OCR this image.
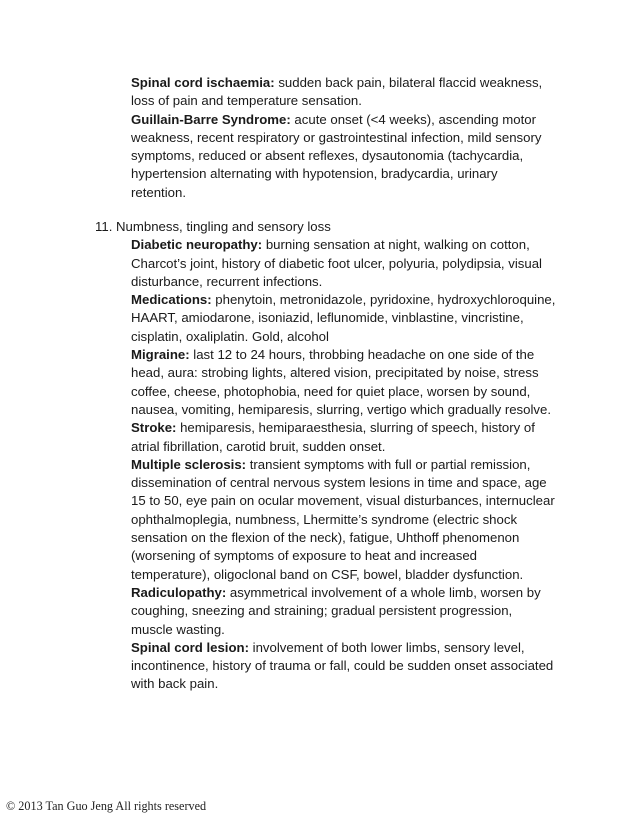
Spinal cord ischaemia: sudden back pain, bilateral flaccid weakness, loss of pain and temperature sensation.

Guillain-Barre Syndrome: acute onset (<4 weeks), ascending motor weakness, recent respiratory or gastrointestinal infection, mild sensory symptoms, reduced or absent reflexes, dysautonomia (tachycardia, hypertension alternating with hypotension, bradycardia, urinary retention.

11. Numbness, tingling and sensory loss

Diabetic neuropathy: burning sensation at night, walking on cotton, Charcot’s joint, history of diabetic foot ulcer, polyuria, polydipsia, visual disturbance, recurrent infections.

Medications: phenytoin, metronidazole, pyridoxine, hydroxychloroquine, HAART, amiodarone, isoniazid, leflunomide, vinblastine, vincristine, cisplatin, oxaliplatin. Gold, alcohol

Migraine: last 12 to 24 hours, throbbing headache on one side of the head, aura: strobing lights, altered vision, precipitated by noise, stress coffee, cheese, photophobia, need for quiet place, worsen by sound, nausea, vomiting, hemiparesis, slurring, vertigo which gradually resolve.

Stroke: hemiparesis, hemiparaesthesia, slurring of speech, history of atrial fibrillation, carotid bruit, sudden onset.

Multiple sclerosis: transient symptoms with full or partial remission, dissemination of central nervous system lesions in time and space, age 15 to 50, eye pain on ocular movement, visual disturbances, internuclear ophthalmoplegia, numbness, Lhermitte’s syndrome (electric shock sensation on the flexion of the neck), fatigue, Uhthoff phenomenon (worsening of symptoms of exposure to heat and increased temperature), oligoclonal band on CSF, bowel, bladder dysfunction.

Radiculopathy: asymmetrical involvement of a whole limb, worsen by coughing, sneezing and straining; gradual persistent progression, muscle wasting.

Spinal cord lesion: involvement of both lower limbs, sensory level, incontinence, history of trauma or fall, could be sudden onset associated with back pain.

© 2013 Tan Guo Jeng All rights reserved
